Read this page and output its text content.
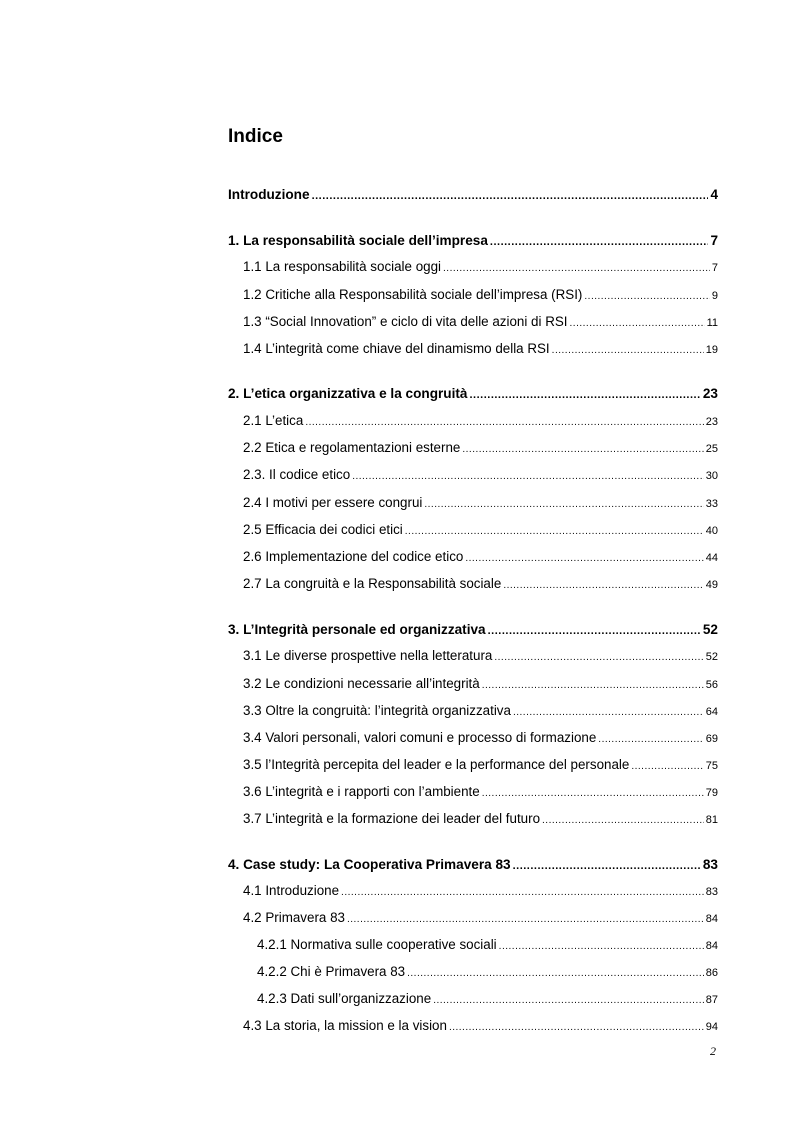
Indice
Introduzione .....	4
1. La responsabilità sociale dell’impresa .....	7
1.1 La responsabilità sociale oggi .....	7
1.2 Critiche alla Responsabilità sociale dell’impresa (RSI) .....	9
1.3 “Social Innovation” e ciclo di vita delle azioni di RSI .....	11
1.4 L’integrità come chiave del dinamismo della RSI .....	19
2. L’etica organizzativa e la congruità .....	23
2.1 L’etica .....	23
2.2 Etica e regolamentazioni esterne .....	25
2.3. Il codice etico .....	30
2.4 I motivi per essere congrui .....	33
2.5 Efficacia dei codici etici .....	40
2.6 Implementazione del codice etico .....	44
2.7 La congruità e la Responsabilità sociale .....	49
3. L’Integrità personale ed organizzativa .....	52
3.1 Le diverse prospettive nella letteratura .....	52
3.2 Le condizioni necessarie all’integrità .....	56
3.3 Oltre la congruità: l’integrità organizzativa .....	64
3.4 Valori personali, valori comuni e processo di formazione .....	69
3.5 l’Integrità percepita del leader e la performance del personale .....	75
3.6 L’integrità e i rapporti con l’ambiente .....	79
3.7 L’integrità e la formazione dei leader del futuro .....	81
4. Case study: La Cooperativa Primavera 83 .....	83
4.1 Introduzione .....	83
4.2 Primavera 83 .....	84
4.2.1 Normativa sulle cooperative sociali .....	84
4.2.2 Chi è Primavera 83 .....	86
4.2.3 Dati sull’organizzazione .....	87
4.3 La storia, la mission e la vision .....	94
2
